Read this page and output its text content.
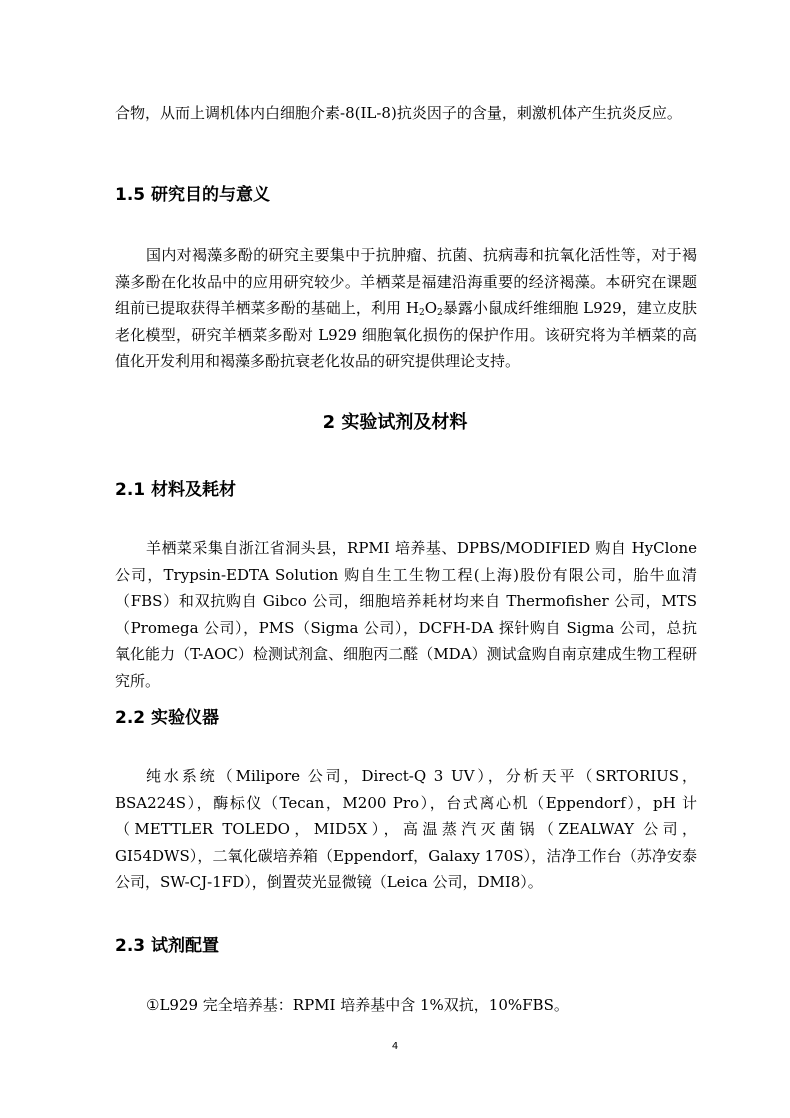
合物，从而上调机体内白细胞介素-8(IL-8)抗炎因子的含量，刺激机体产生抗炎反应。

1.5 研究目的与意义

国内对褐藻多酚的研究主要集中于抗肿瘤、抗菌、抗病毒和抗氧化活性等，对于褐藻多酚在化妆品中的应用研究较少。羊栖菜是福建沿海重要的经济褐藻。本研究在课题组前已提取获得羊栖菜多酚的基础上，利用 $H_2O_2$暴露小鼠成纤维细胞 L929，建立皮肤老化模型，研究羊栖菜多酚对 L929 细胞氧化损伤的保护作用。该研究将为羊栖菜的高值化开发利用和褐藻多酚抗衰老化妆品的研究提供理论支持。

2 实验试剂及材料
2.1 材料及耗材

羊栖菜采集自浙江省洞头县，RPMI 培养基、DPBS/MODIFIED 购自 HyClone 公司，Trypsin-EDTA Solution 购自生工生物工程(上海)股份有限公司，胎牛血清（FBS）和双抗购自 Gibco 公司，细胞培养耗材均来自 Thermofisher 公司，MTS（Promega 公司），PMS（Sigma 公司），DCFH-DA 探针购自 Sigma 公司，总抗氧化能力（T-AOC）检测试剂盒、细胞丙二醛（MDA）测试盒购自南京建成生物工程研究所。

2.2 实验仪器

纯水系统（Milipore 公司，Direct-Q 3 UV），分析天平（SRTORIUS，BSA224S），酶标仪（Tecan，M200 Pro），台式离心机（Eppendorf），pH 计（METTLER TOLEDO，MID5X），高温蒸汽灭菌锅（ZEALWAY 公司，GI54DWS），二氧化碳培养箱（Eppendorf，Galaxy 170S），洁净工作台（苏净安泰公司，SW-CJ-1FD），倒置荧光显微镜（Leica 公司，DMI8）。

2.3 试剂配置

①L929 完全培养基：RPMI 培养基中含 1%双抗，10%FBS。

4
